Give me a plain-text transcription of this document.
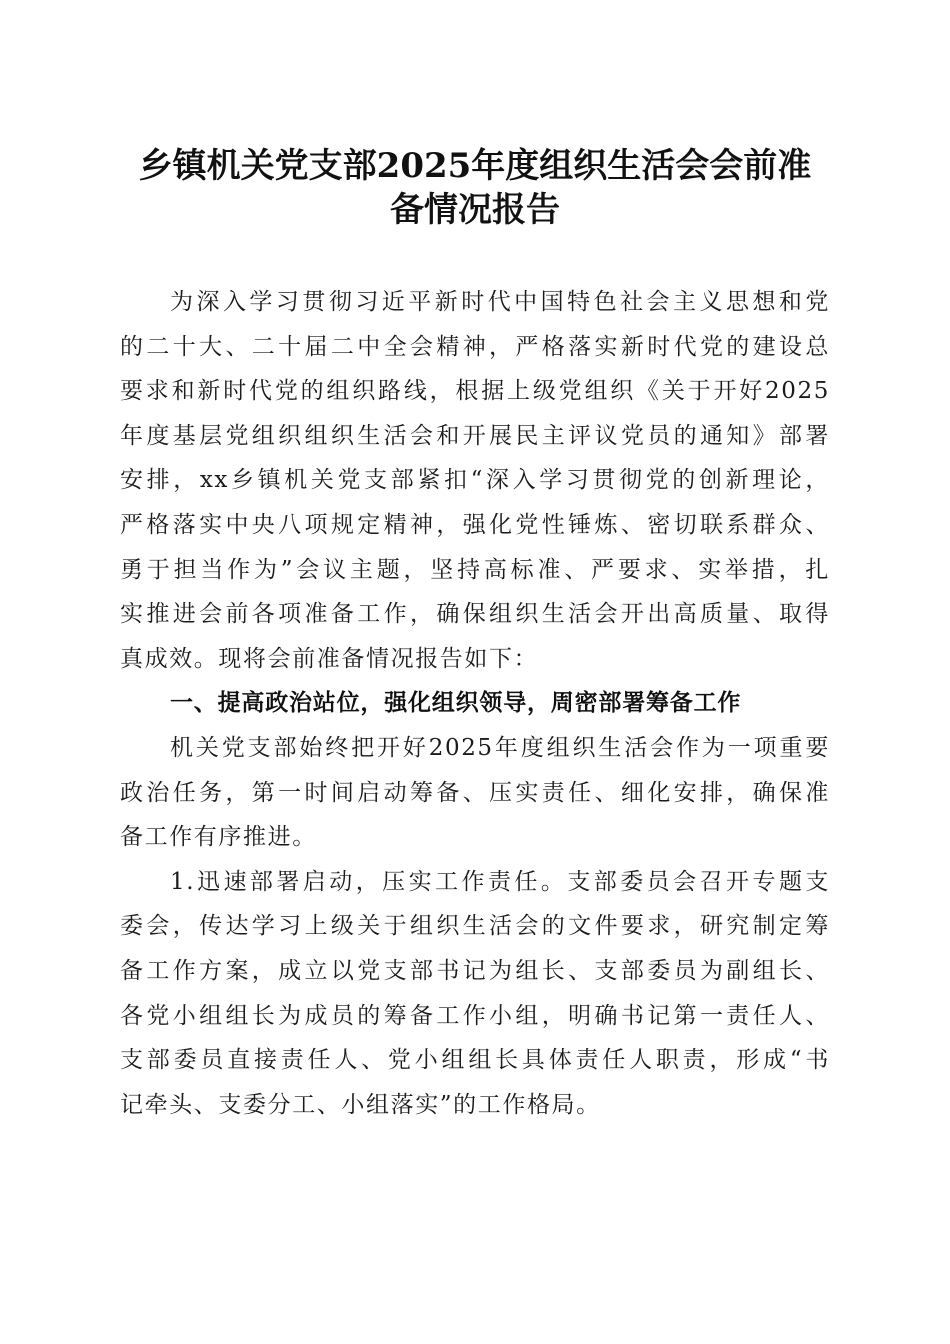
乡镇机关党支部2025年度组织生活会会前准
备情况报告
为深入学习贯彻习近平新时代中国特色社会主义思想和党
的二十大、二十届二中全会精神，严格落实新时代党的建设总
要求和新时代党的组织路线，根据上级党组织《关于开好2025
年度基层党组织组织生活会和开展民主评议党员的通知》部署
安排，xx乡镇机关党支部紧扣“深入学习贯彻党的创新理论，
严格落实中央八项规定精神，强化党性锤炼、密切联系群众、
勇于担当作为”会议主题，坚持高标准、严要求、实举措，扎
实推进会前各项准备工作，确保组织生活会开出高质量、取得
真成效。现将会前准备情况报告如下：
一、提高政治站位，强化组织领导，周密部署筹备工作
机关党支部始终把开好2025年度组织生活会作为一项重要
政治任务，第一时间启动筹备、压实责任、细化安排，确保准
备工作有序推进。
1.迅速部署启动，压实工作责任。支部委员会召开专题支
委会，传达学习上级关于组织生活会的文件要求，研究制定筹
备工作方案，成立以党支部书记为组长、支部委员为副组长、
各党小组组长为成员的筹备工作小组，明确书记第一责任人、
支部委员直接责任人、党小组组长具体责任人职责，形成“书
记牵头、支委分工、小组落实”的工作格局。
